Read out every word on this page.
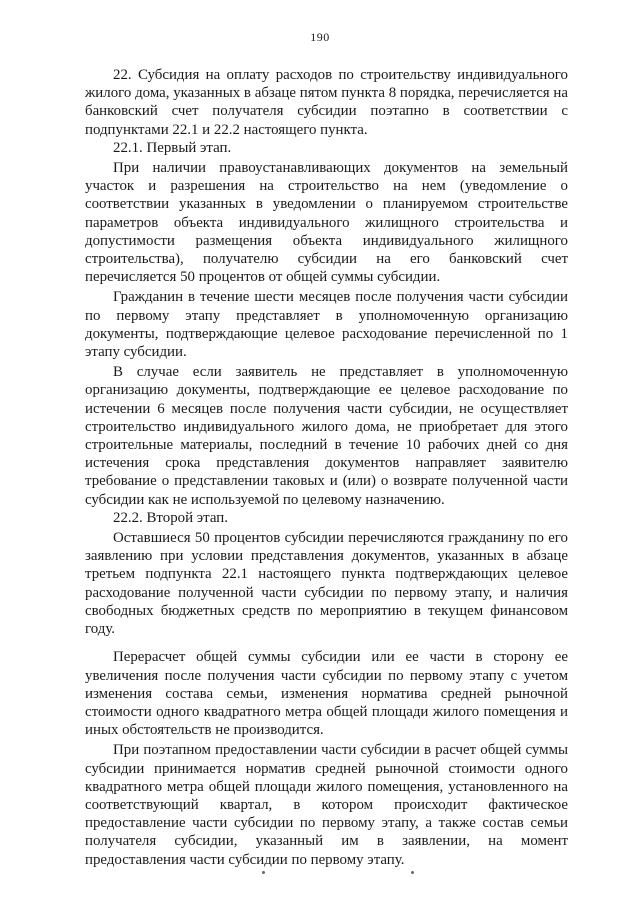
190

22. Субсидия на оплату расходов по строительству индивидуального жилого дома, указанных в абзаце пятом пункта 8 порядка, перечисляется на банковский счет получателя субсидии поэтапно в соответствии с подпунктами 22.1 и 22.2 настоящего пункта.

22.1. Первый этап.

При наличии правоустанавливающих документов на земельный участок и разрешения на строительство на нем (уведомление о соответствии указанных в уведомлении о планируемом строительстве параметров объекта индивидуального жилищного строительства и допустимости размещения объекта индивидуального жилищного строительства), получателю субсидии на его банковский счет перечисляется 50 процентов от общей суммы субсидии.

Гражданин в течение шести месяцев после получения части субсидии по первому этапу представляет в уполномоченную организацию документы, подтверждающие целевое расходование перечисленной по 1 этапу субсидии.

В случае если заявитель не представляет в уполномоченную организацию документы, подтверждающие ее целевое расходование по истечении 6 месяцев после получения части субсидии, не осуществляет строительство индивидуального жилого дома, не приобретает для этого строительные материалы, последний в течение 10 рабочих дней со дня истечения срока представления документов направляет заявителю требование о представлении таковых и (или) о возврате полученной части субсидии как не используемой по целевому назначению.

22.2. Второй этап.

Оставшиеся 50 процентов субсидии перечисляются гражданину по его заявлению при условии представления документов, указанных в абзаце третьем подпункта 22.1 настоящего пункта подтверждающих целевое расходование полученной части субсидии по первому этапу, и наличия свободных бюджетных средств по мероприятию в текущем финансовом году.

Перерасчет общей суммы субсидии или ее части в сторону ее увеличения после получения части субсидии по первому этапу с учетом изменения состава семьи, изменения норматива средней рыночной стоимости одного квадратного метра общей площади жилого помещения и иных обстоятельств не производится.

При поэтапном предоставлении части субсидии в расчет общей суммы субсидии принимается норматив средней рыночной стоимости одного квадратного метра общей площади жилого помещения, установленного на соответствующий квартал, в котором происходит фактическое предоставление части субсидии по первому этапу, а также состав семьи получателя субсидии, указанный им в заявлении, на момент предоставления части субсидии по первому этапу.
